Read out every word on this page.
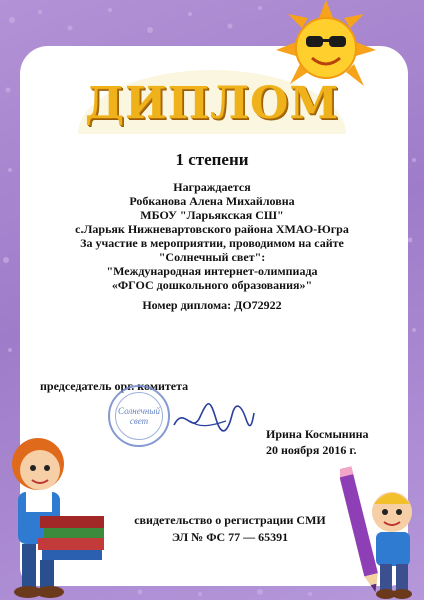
ДИПЛОМ
1 степени
Награждается
Робканова Алена Михайловна
МБОУ "Ларьякская СШ"
с.Ларьяк Нижневартовского района ХМАО-Югра
За участие в мероприятии, проводимом на сайте
"Солнечный свет":
"Международная интернет-олимпиада
«ФГОС дошкольного образования»"
Номер диплома: ДО72922
председатель орг. комитета
Солнечный свет
Ирина Космынина
20 ноября 2016 г.
свидетельство о регистрации СМИ
ЭЛ № ФС 77 — 65391
